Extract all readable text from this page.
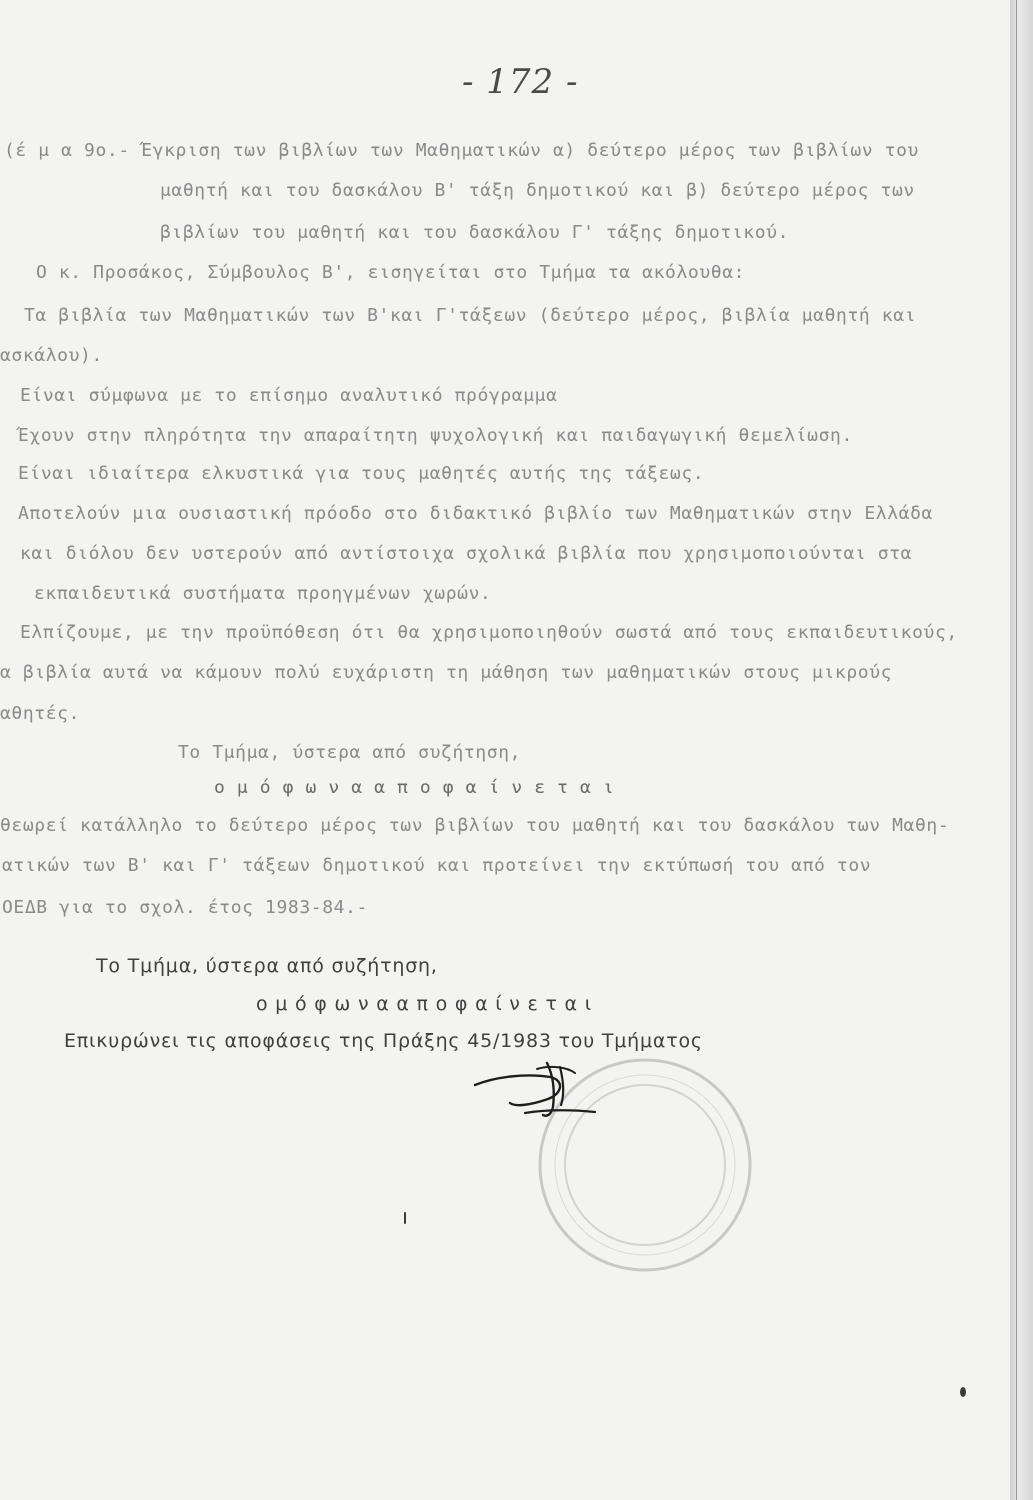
- 172 -
(έ μ α 9ο.- Έγκριση των βιβλίων των Μαθηματικών α) δεύτερο μέρος των βιβλίων του
μαθητή και του δασκάλου Β' τάξη δημοτικού και β) δεύτερο μέρος των
βιβλίων του μαθητή και του δασκάλου Γ' τάξης δημοτικού.
Ο κ. Προσάκος, Σύμβουλος Β', εισηγείται στο Τμήμα τα ακόλουθα:
Τα βιβλία των Μαθηματικών των Β'και Γ'τάξεων (δεύτερο μέρος, βιβλία μαθητή και
ασκάλου).
Είναι σύμφωνα με το επίσημο αναλυτικό πρόγραμμα
Έχουν στην πληρότητα την απαραίτητη ψυχολογική και παιδαγωγική θεμελίωση.
Είναι ιδιαίτερα ελκυστικά για τους μαθητές αυτής της τάξεως.
Αποτελούν μια ουσιαστική πρόοδο στο διδακτικό βιβλίο των Μαθηματικών στην Ελλάδα
και διόλου δεν υστερούν από αντίστοιχα σχολικά βιβλία που χρησιμοποιούνται στα
εκπαιδευτικά συστήματα προηγμένων χωρών.
Ελπίζουμε, με την προϋπόθεση ότι θα χρησιμοποιηθούν σωστά από τους εκπαιδευτικούς,
α βιβλία αυτά να κάμουν πολύ ευχάριστη τη μάθηση των μαθηματικών στους μικρούς
αθητές.
Το Τμήμα, ύστερα από συζήτηση,
ο μ ό φ ω ν α α π ο φ α ί ν ε τ α ι
θεωρεί κατάλληλο το δεύτερο μέρος των βιβλίων του μαθητή και του δασκάλου των Μαθη-
ατικών των Β' και Γ' τάξεων δημοτικού και προτείνει την εκτύπωσή του από τον
ΟΕΔΒ για το σχολ. έτος 1983-84.-
Το Τμήμα, ύστερα από συζήτηση,
ο μ ό φ ω ν α α π ο φ α ί ν ε τ α ι
Επικυρώνει τις αποφάσεις της Πράξης 45/1983 του Τμήματος
